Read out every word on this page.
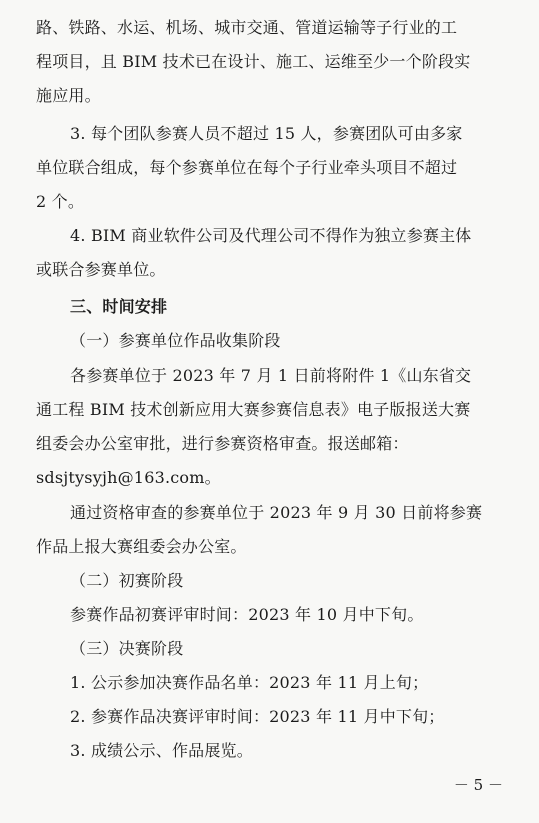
路、铁路、水运、机场、城市交通、管道运输等子行业的工
程项目，且 BIM 技术已在设计、施工、运维至少一个阶段实
施应用。
3. 每个团队参赛人员不超过 15 人，参赛团队可由多家
单位联合组成，每个参赛单位在每个子行业牵头项目不超过
2 个。
4. BIM 商业软件公司及代理公司不得作为独立参赛主体
或联合参赛单位。
三、时间安排
（一）参赛单位作品收集阶段
各参赛单位于 2023 年 7 月 1 日前将附件 1《山东省交
通工程 BIM 技术创新应用大赛参赛信息表》电子版报送大赛
组委会办公室审批，进行参赛资格审查。报送邮箱：
sdsjtysyjh@163.com。
通过资格审查的参赛单位于 2023 年 9 月 30 日前将参赛
作品上报大赛组委会办公室。
（二）初赛阶段
参赛作品初赛评审时间：2023 年 10 月中下旬。
（三）决赛阶段
1. 公示参加决赛作品名单：2023 年 11 月上旬；
2. 参赛作品决赛评审时间：2023 年 11 月中下旬；
3. 成绩公示、作品展览。
－ 5 －
